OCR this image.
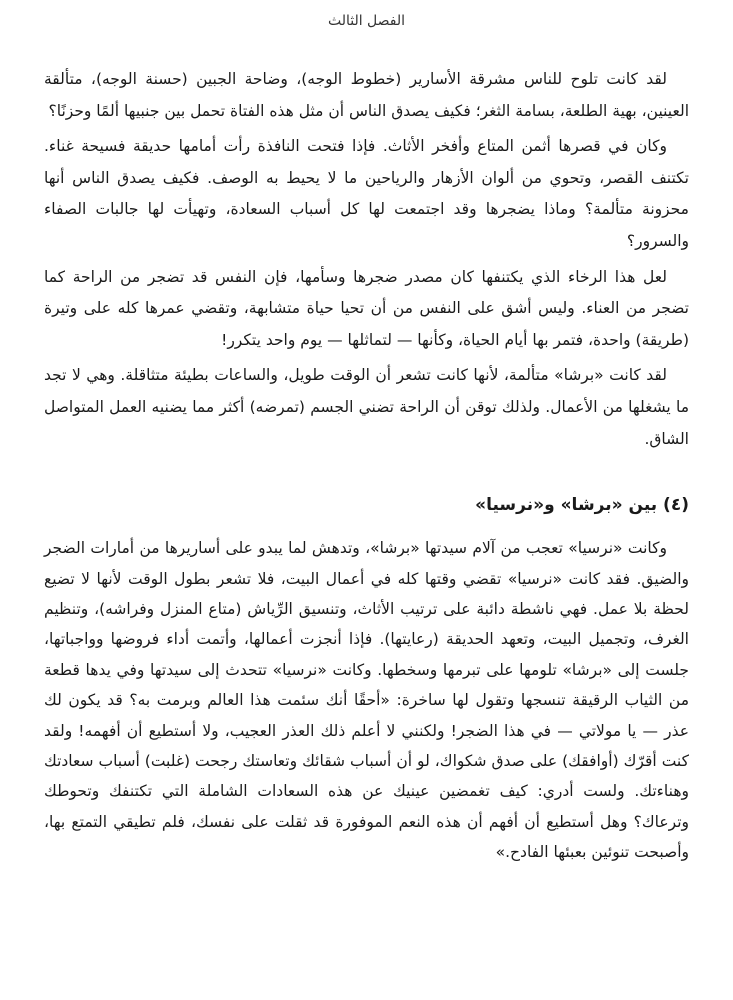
الفصل الثالث

لقد كانت تلوح للناس مشرقة الأسارير (خطوط الوجه)، وضاحة الجبين (حسنة الوجه)، متألقة العينين، بهية الطلعة، بسامة الثغر؛ فكيف يصدق الناس أن مثل هذه الفتاة تحمل بين جنبيها ألمًا وحزنًا؟

وكان في قصرها أثمن المتاع وأفخر الأثاث. فإذا فتحت النافذة رأت أمامها حديقة فسيحة غناء. تكتنف القصر، وتحوي من ألوان الأزهار والرياحين ما لا يحيط به الوصف. فكيف يصدق الناس أنها محزونة متألمة؟ وماذا يضجرها وقد اجتمعت لها كل أسباب السعادة، وتهيأت لها جالبات الصفاء والسرور؟

لعل هذا الرخاء الذي يكتنفها كان مصدر ضجرها وسأمها، فإن النفس قد تضجر من الراحة كما تضجر من العناء. وليس أشق على النفس من أن تحيا حياة متشابهة، وتقضي عمرها كله على وتيرة (طريقة) واحدة، فتمر بها أيام الحياة، وكأنها — لتماثلها — يوم واحد يتكرر!

لقد كانت «برشا» متألمة، لأنها كانت تشعر أن الوقت طويل، والساعات بطيئة متثاقلة. وهي لا تجد ما يشغلها من الأعمال. ولذلك توقن أن الراحة تضني الجسم (تمرضه) أكثر مما يضنيه العمل المتواصل الشاق.

(٤) بين «برشا» و«نرسيا»

وكانت «نرسيا» تعجب من آلام سيدتها «برشا»، وتدهش لما يبدو على أساريرها من أمارات الضجر والضيق. فقد كانت «نرسيا» تقضي وقتها كله في أعمال البيت، فلا تشعر بطول الوقت لأنها لا تضيع لحظة بلا عمل. فهي ناشطة دائبة على ترتيب الأثاث، وتنسيق الرِّياش (متاع المنزل وفراشه)، وتنظيم الغرف، وتجميل البيت، وتعهد الحديقة (رعايتها). فإذا أنجزت أعمالها، وأتمت أداء فروضها وواجباتها، جلست إلى «برشا» تلومها على تبرمها وسخطها. وكانت «نرسيا» تتحدث إلى سيدتها وفي يدها قطعة من الثياب الرقيقة تنسجها وتقول لها ساخرة: «أحقًا أنك سئمت هذا العالم وبرمت به؟ قد يكون لك عذر — يا مولاتي — في هذا الضجر! ولكنني لا أعلم ذلك العذر العجيب، ولا أستطيع أن أفهمه! ولقد كنت أقرّك (أوافقك) على صدق شكواك، لو أن أسباب شقائك وتعاستك رجحت (غلبت) أسباب سعادتك وهناءتك. ولست أدري: كيف تغمضين عينيك عن هذه السعادات الشاملة التي تكتنفك وتحوطك وترعاك؟ وهل أستطيع أن أفهم أن هذه النعم الموفورة قد ثقلت على نفسك، فلم تطيقي التمتع بها، وأصبحت تنوئين بعبئها الفادح.»
